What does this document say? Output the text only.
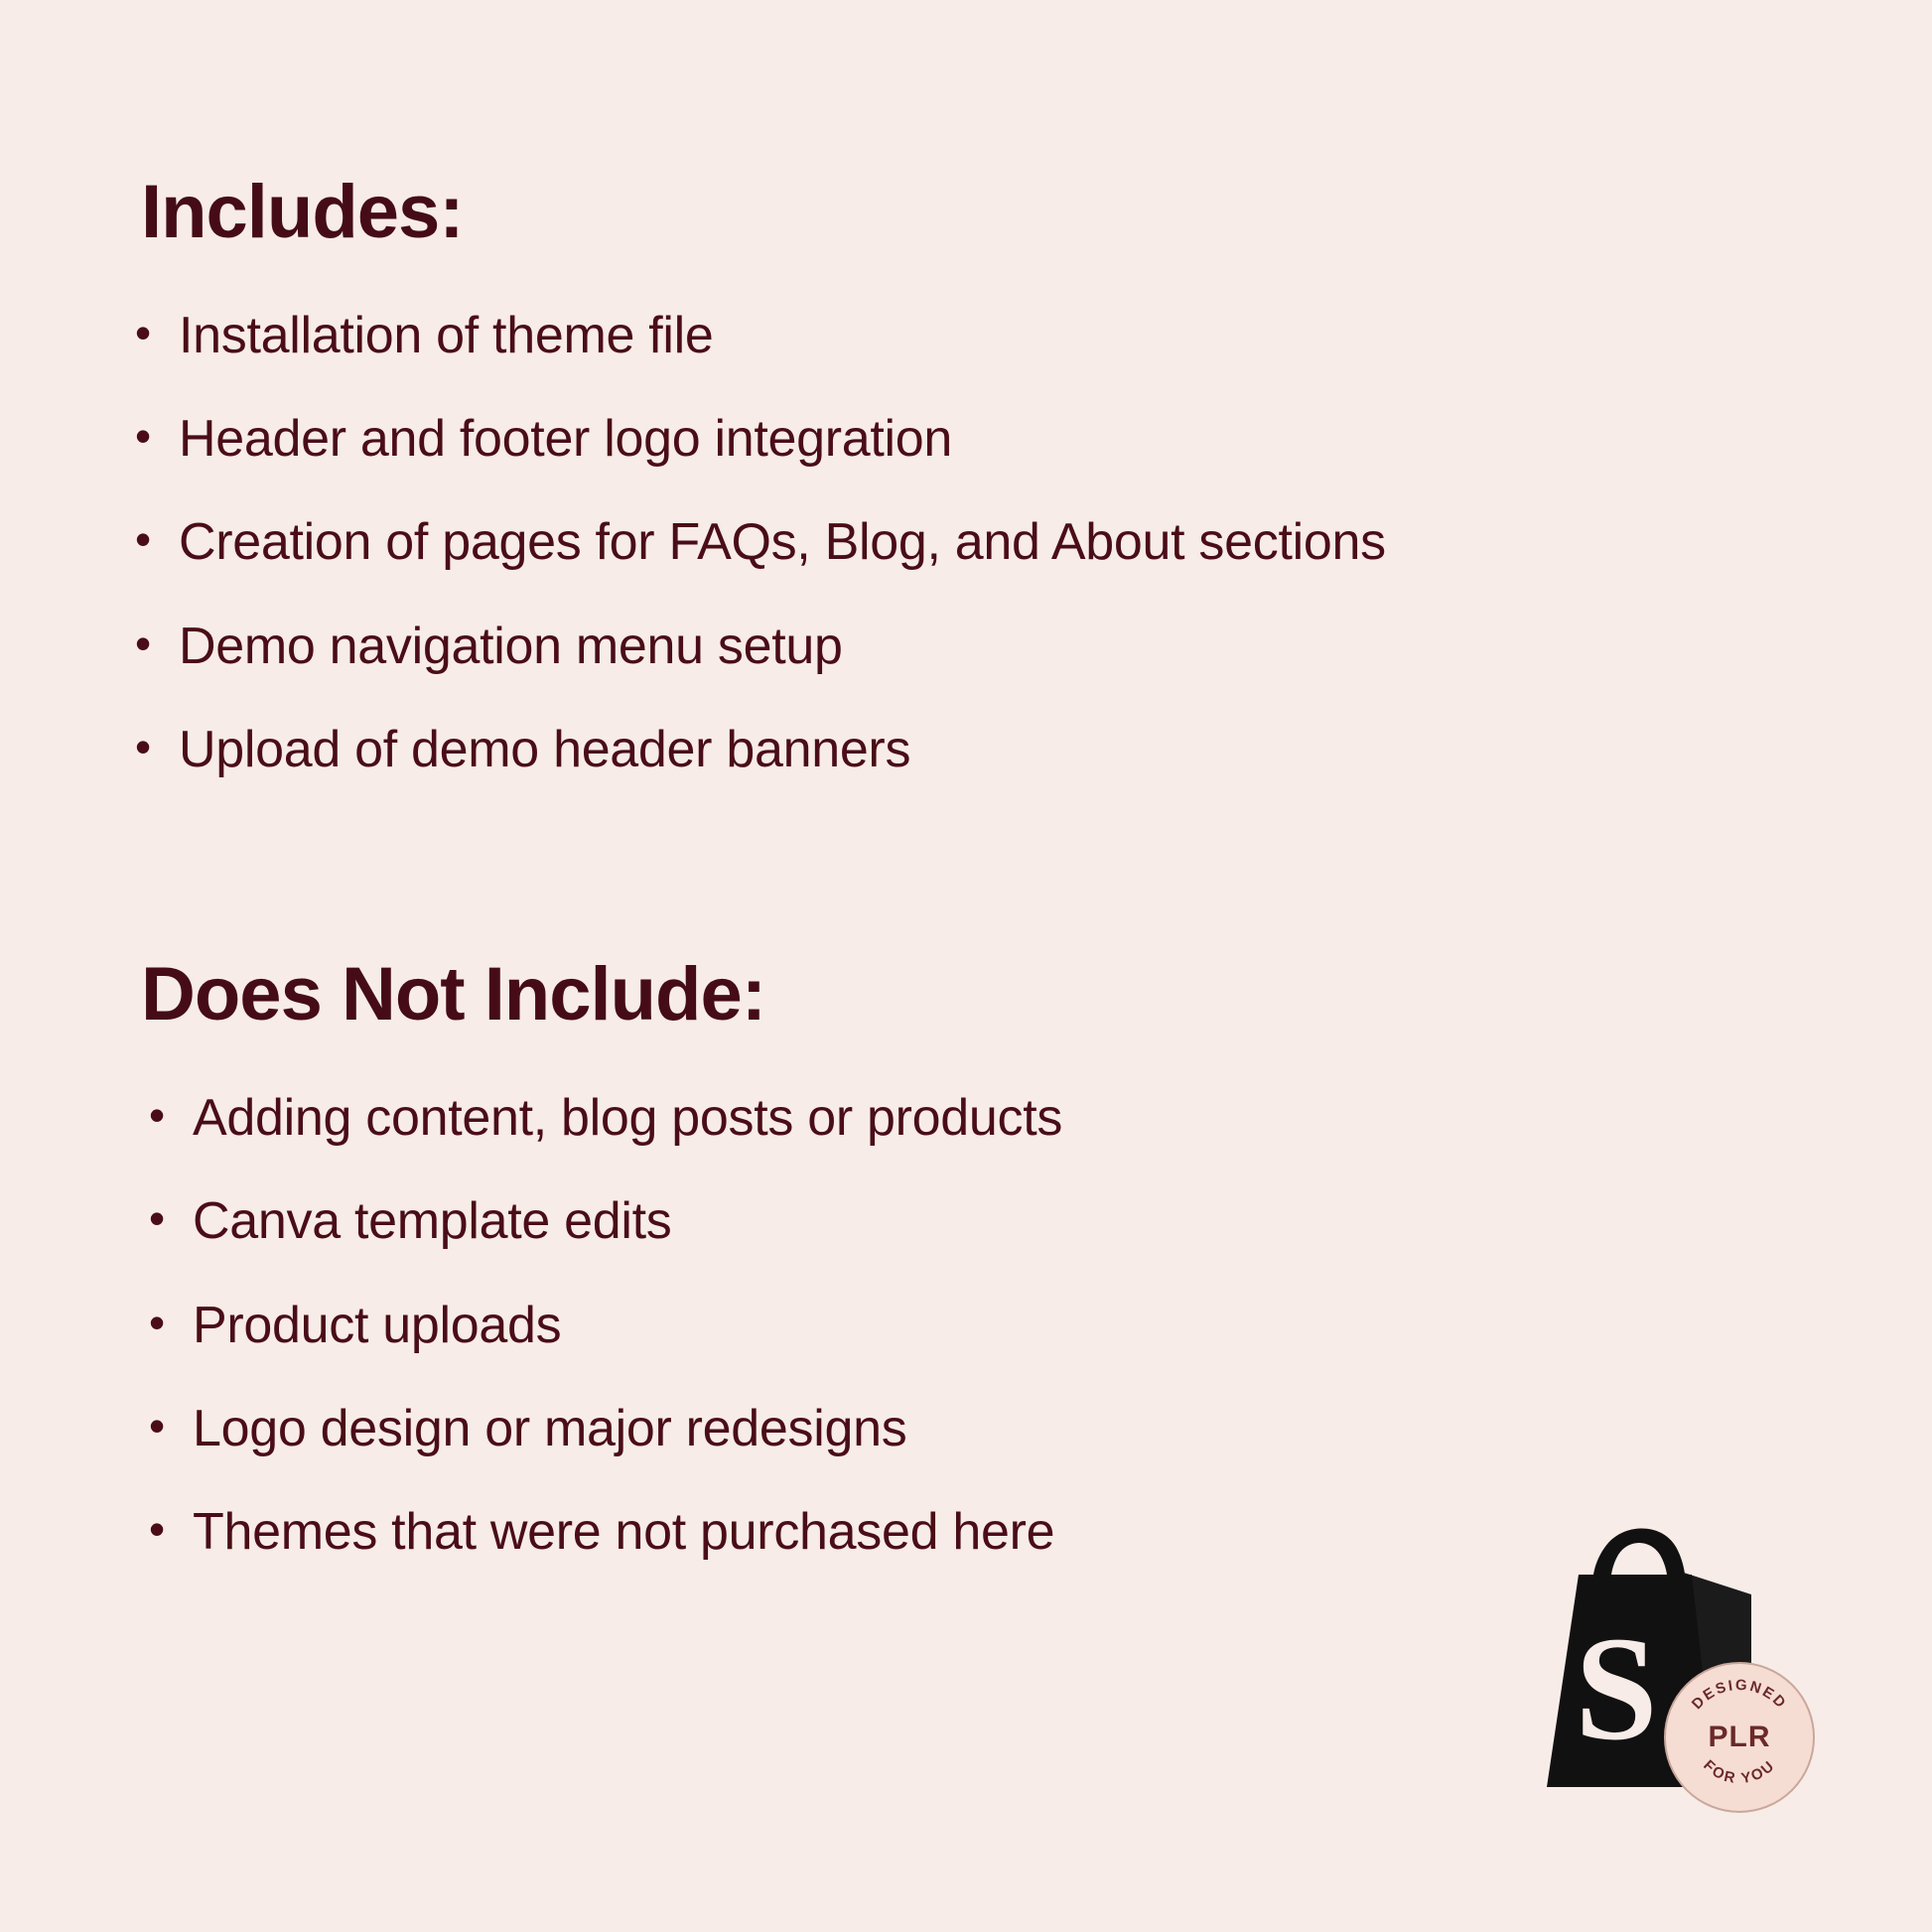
Includes:
• Installation of theme file
• Header and footer logo integration
• Creation of pages for FAQs, Blog, and About sections
• Demo navigation menu setup
• Upload of demo header banners
Does Not Include:
• Adding content, blog posts or products
• Canva template edits
• Product uploads
• Logo design or major redesigns
• Themes that were not purchased here
S DESIGNED
FOR YOU
PLR
